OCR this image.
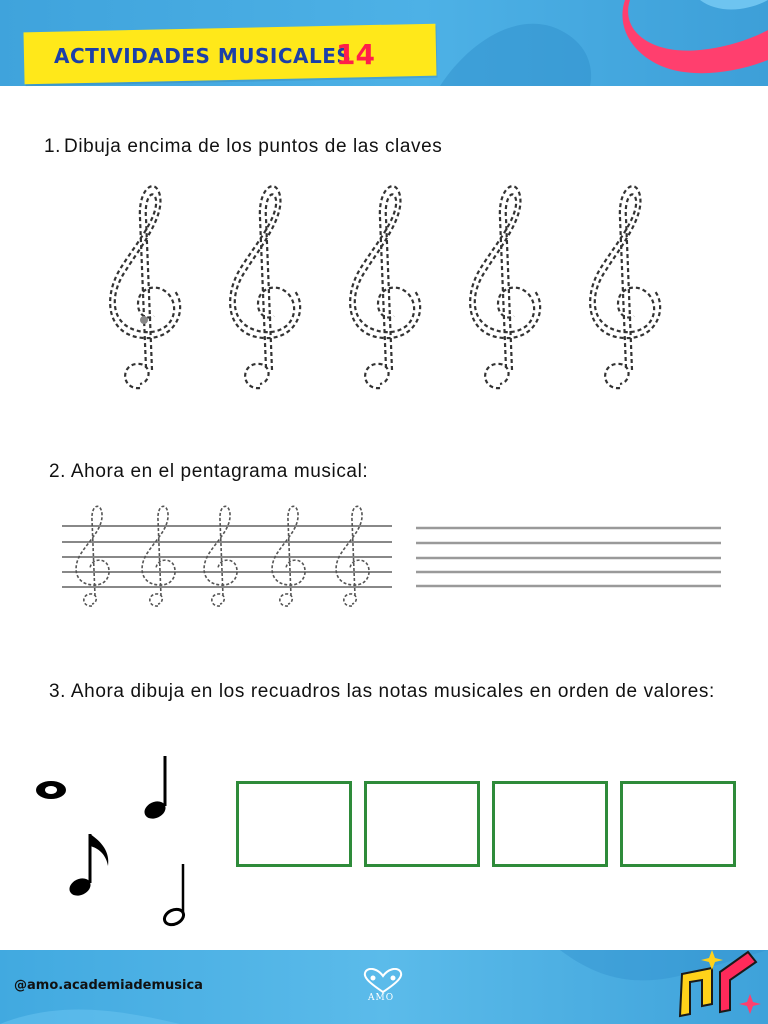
ACTIVIDADES MUSICALES
14
1. Dibuja encima de los puntos de las claves
2. Ahora en el pentagrama musical:
3. Ahora dibuja en los recuadros las notas musicales en orden de valores:
@amo.academiademusica
AMO
